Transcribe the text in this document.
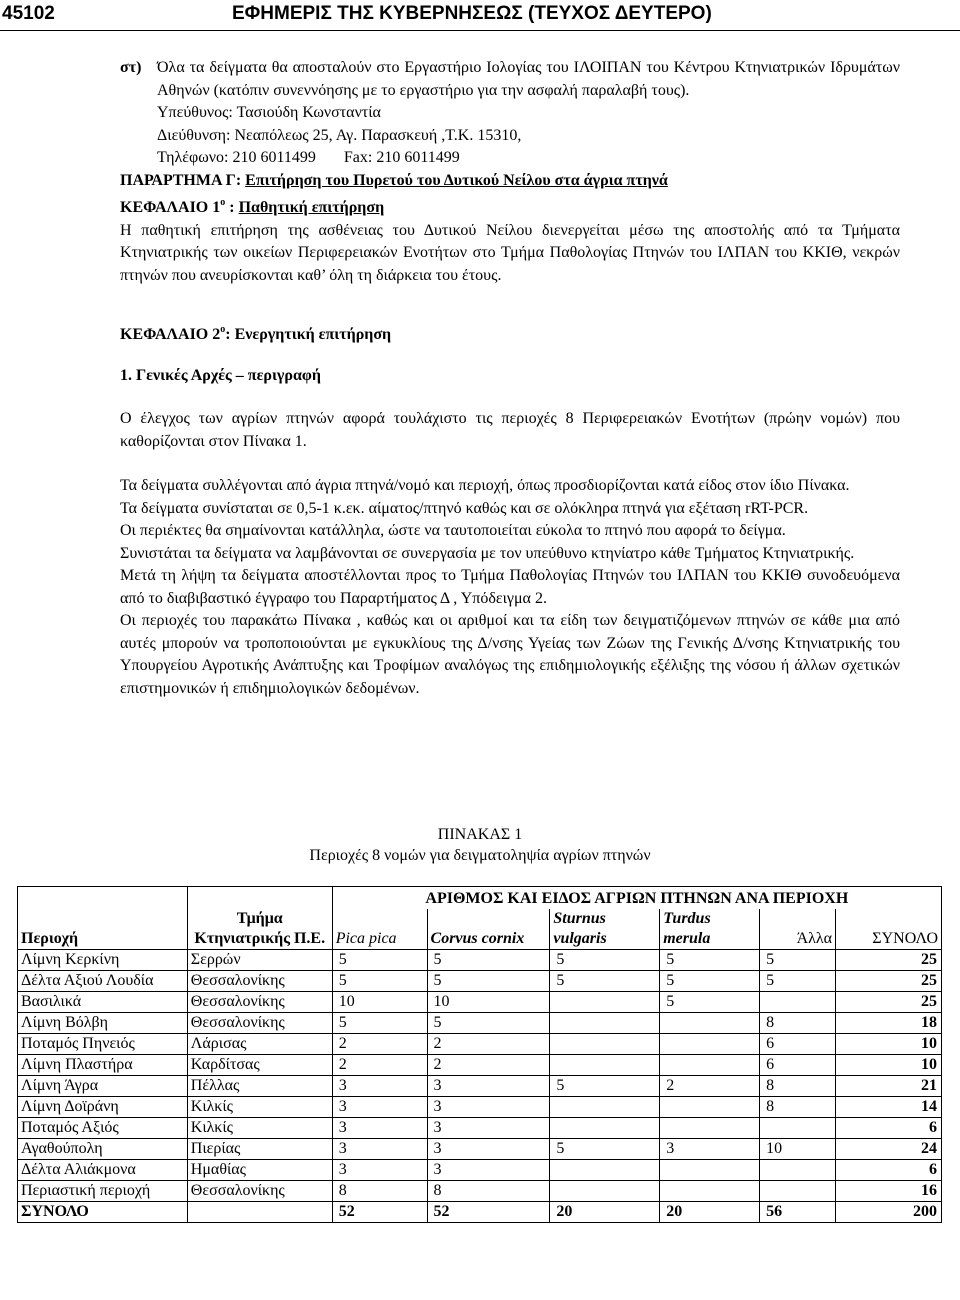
45102	ΕΦΗΜΕΡΙΣ ΤΗΣ ΚΥΒΕΡΝΗΣΕΩΣ (ΤΕΥΧΟΣ ΔΕΥΤΕΡΟ)

στ) Όλα τα δείγματα θα αποσταλούν στο Εργαστήριο Ιολογίας του ΙΛΟΙΠΑΝ του Κέντρου Κτηνιατρικών Ιδρυμάτων Αθηνών (κατόπιν συνεννόησης με το εργαστήριο για την ασφαλή παραλαβή τους).

Υπεύθυνος: Τασιούδη Κωνσταντία

Διεύθυνση: Νεαπόλεως 25, Αγ. Παρασκευή ,Τ.Κ. 15310,

Τηλέφωνο: 210 6011499       Fax: 210 6011499

ΠΑΡΑΡΤΗΜΑ Γ: Επιτήρηση του Πυρετού του Δυτικού Νείλου στα άγρια πτηνά

ΚΕΦΑΛΑΙΟ $1^o$ : Παθητική επιτήρηση

Η παθητική επιτήρηση της ασθένειας του Δυτικού Νείλου διενεργείται μέσω της αποστολής από τα Τμήματα Κτηνιατρικής των οικείων Περιφερειακών Ενοτήτων στο Τμήμα Παθολογίας Πτηνών του ΙΛΠΑΝ του ΚΚΙΘ, νεκρών πτηνών που ανευρίσκονται καθ’ όλη τη διάρκεια του έτους.

ΚΕΦΑΛΑΙΟ $2^o$: Ενεργητική επιτήρηση

1. Γενικές Αρχές – περιγραφή

Ο έλεγχος των αγρίων πτηνών αφορά τουλάχιστο τις περιοχές 8 Περιφερειακών Ενοτήτων (πρώην νομών) που καθορίζονται στον Πίνακα 1.

Τα δείγματα συλλέγονται από άγρια πτηνά/νομό και περιοχή, όπως προσδιορίζονται κατά είδος στον ίδιο Πίνακα.

Τα δείγματα συνίσταται σε 0,5-1 κ.εκ. αίματος/πτηνό καθώς και σε ολόκληρα πτηνά για εξέταση rRT-PCR.

Οι περιέκτες θα σημαίνονται κατάλληλα, ώστε να ταυτοποιείται εύκολα το πτηνό που αφορά το δείγμα.

Συνιστάται τα δείγματα να λαμβάνονται σε συνεργασία με τον υπεύθυνο κτηνίατρο κάθε Τμήματος Κτηνιατρικής.

Μετά τη λήψη τα δείγματα αποστέλλονται προς το Τμήμα Παθολογίας Πτηνών του ΙΛΠΑΝ του ΚΚΙΘ συνοδευόμενα από το διαβιβαστικό έγγραφο του Παραρτήματος Δ , Υπόδειγμα 2.

Οι περιοχές του παρακάτω Πίνακα , καθώς και οι αριθμοί και τα είδη των δειγματιζόμενων πτηνών σε κάθε μια από αυτές μπορούν να τροποποιούνται με εγκυκλίους της Δ/νσης Υγείας των Ζώων της Γενικής Δ/νσης Κτηνιατρικής του Υπουργείου Αγροτικής Ανάπτυξης και Τροφίμων αναλόγως της επιδημιολογικής εξέλιξης της νόσου ή άλλων σχετικών επιστημονικών ή επιδημιολογικών δεδομένων.

ΠΙΝΑΚΑΣ 1
Περιοχές 8 νομών για δειγματοληψία αγρίων πτηνών
Περιοχή	Τμήμα Κτηνιατρικής Π.Ε.	ΑΡΙΘΜΟΣ ΚΑΙ ΕΙΔΟΣ ΑΓΡΙΩΝ ΠΤΗΝΩΝ ΑΝΑ ΠΕΡΙΟΧΗ					
		Pica pica	Corvus cornix	Sturnus vulgaris	Turdus merula	Άλλα	ΣΥΝΟΛΟ
Λίμνη Κερκίνη	Σερρών	5	5	5	5	5	25
Δέλτα Αξιού Λουδία	Θεσσαλονίκης	5	5	5	5	5	25
Βασιλικά	Θεσσαλονίκης	10	10		5		25
Λίμνη Βόλβη	Θεσσαλονίκης	5	5			8	18
Ποταμός Πηνειός	Λάρισας	2	2			6	10
Λίμνη Πλαστήρα	Καρδίτσας	2	2			6	10
Λίμνη Άγρα	Πέλλας	3	3	5	2	8	21
Λίμνη Δοϊράνη	Κιλκίς	3	3			8	14
Ποταμός Αξιός	Κιλκίς	3	3				6
Αγαθούπολη	Πιερίας	3	3	5	3	10	24
Δέλτα Αλιάκμονα	Ημαθίας	3	3				6
Περιαστική περιοχή	Θεσσαλονίκης	8	8				16
ΣΥΝΟΛΟ		52	52	20	20	56	200
